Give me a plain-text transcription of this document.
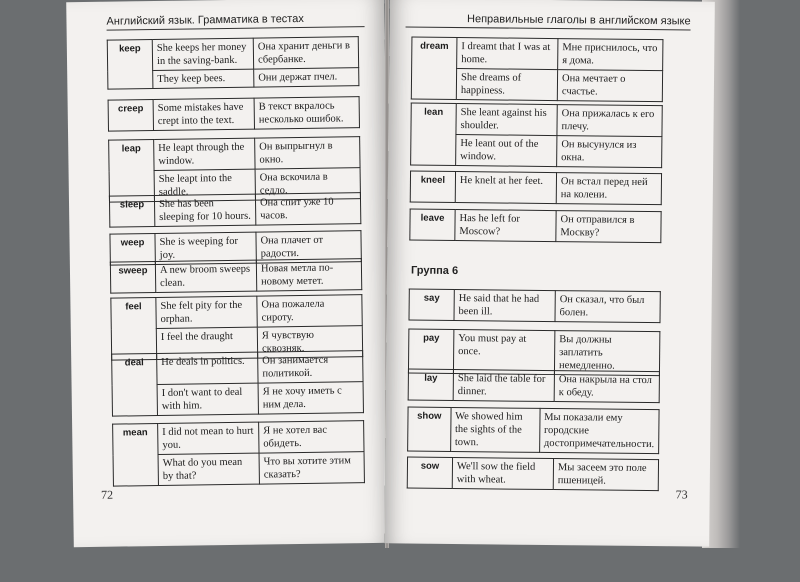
Английский язык. Грамматика в тестах
keep	She keeps her money in the saving-bank.	Она хранит деньги в сбербанке.
	They keep bees.	Они держат пчел.
creep	Some mistakes have crept into the text.	В текст вкралось несколько ошибок.
leap	He leapt through the window.	Он выпрыгнул в окно.
	She leapt into the saddle.	Она вскочила в седло.
sleep	She has been sleeping for 10 hours.	Она спит уже 10 часов.
weep	She is weeping for joy.	Она плачет от радости.
sweep	A new broom sweeps clean.	Новая метла по-новому метет.
feel	She felt pity for the orphan.	Она пожалела сироту.
	I feel the draught	Я чувствую сквозняк.
deal	He deals in politics.	Он занимается политикой.
	I don't want to deal with him.	Я не хочу иметь с ним дела.
mean	I did not mean to hurt you.	Я не хотел вас обидеть.
	What do you mean by that?	Что вы хотите этим сказать?
72
Неправильные глаголы в английском языке
dream	I dreamt that I was at home.	Мне приснилось, что я дома.
	She dreams of happiness.	Она мечтает о счастье.
lean	She leant against his shoulder.	Она прижалась к его плечу.
	He leant out of the window.	Он высунулся из окна.
kneel	He knelt at her feet.	Он встал перед ней на колени.
leave	Has he left for Moscow?	Он отправился в Москву?
Группа 6
say	He said that he had been ill.	Он сказал, что был болен.
pay	You must pay at once.	Вы должны заплатить немедленно.
lay	She laid the table for dinner.	Она накрыла на стол к обеду.
show	We showed him the sights of the town.	Мы показали ему городские достопримечательности.
sow	We'll sow the field with wheat.	Мы засеем это поле пшеницей.
73
